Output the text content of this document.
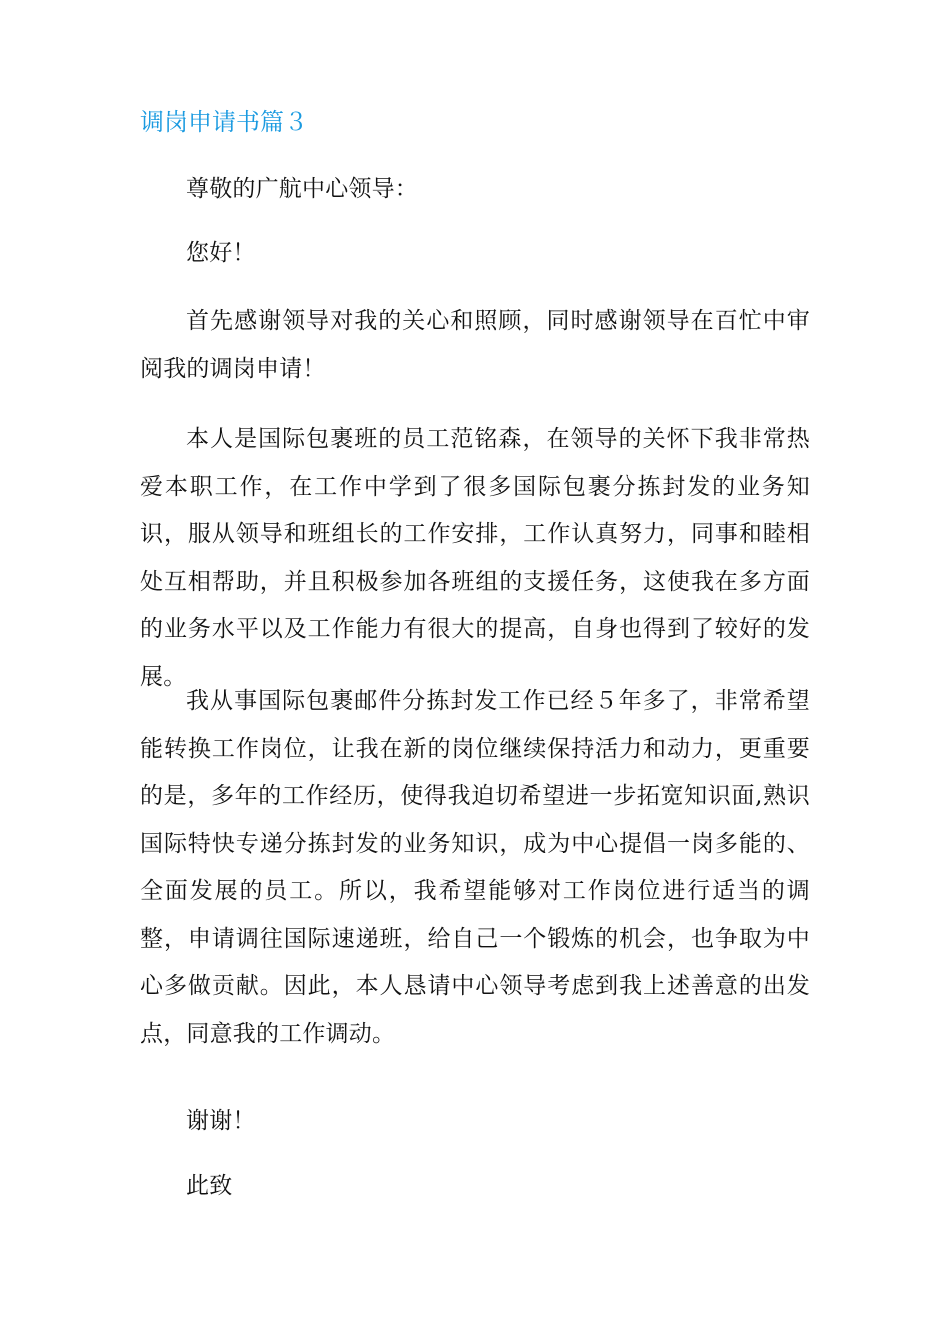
调岗申请书篇３

尊敬的广航中心领导：

您好！

首先感谢领导对我的关心和照顾，同时感谢领导在百忙中审阅我的调岗申请！

本人是国际包裹班的员工范铭森，在领导的关怀下我非常热爱本职工作，在工作中学到了很多国际包裹分拣封发的业务知识，服从领导和班组长的工作安排，工作认真努力，同事和睦相处互相帮助，并且积极参加各班组的支援任务，这使我在多方面的业务水平以及工作能力有很大的提高，自身也得到了较好的发展。

我从事国际包裹邮件分拣封发工作已经５年多了，非常希望能转换工作岗位，让我在新的岗位继续保持活力和动力，更重要的是，多年的工作经历，使得我迫切希望进一步拓宽知识面,熟识国际特快专递分拣封发的业务知识，成为中心提倡一岗多能的、全面发展的员工。所以，我希望能够对工作岗位进行适当的调整，申请调往国际速递班，给自己一个锻炼的机会，也争取为中心多做贡献。因此，本人恳请中心领导考虑到我上述善意的出发点，同意我的工作调动。

谢谢！

此致
